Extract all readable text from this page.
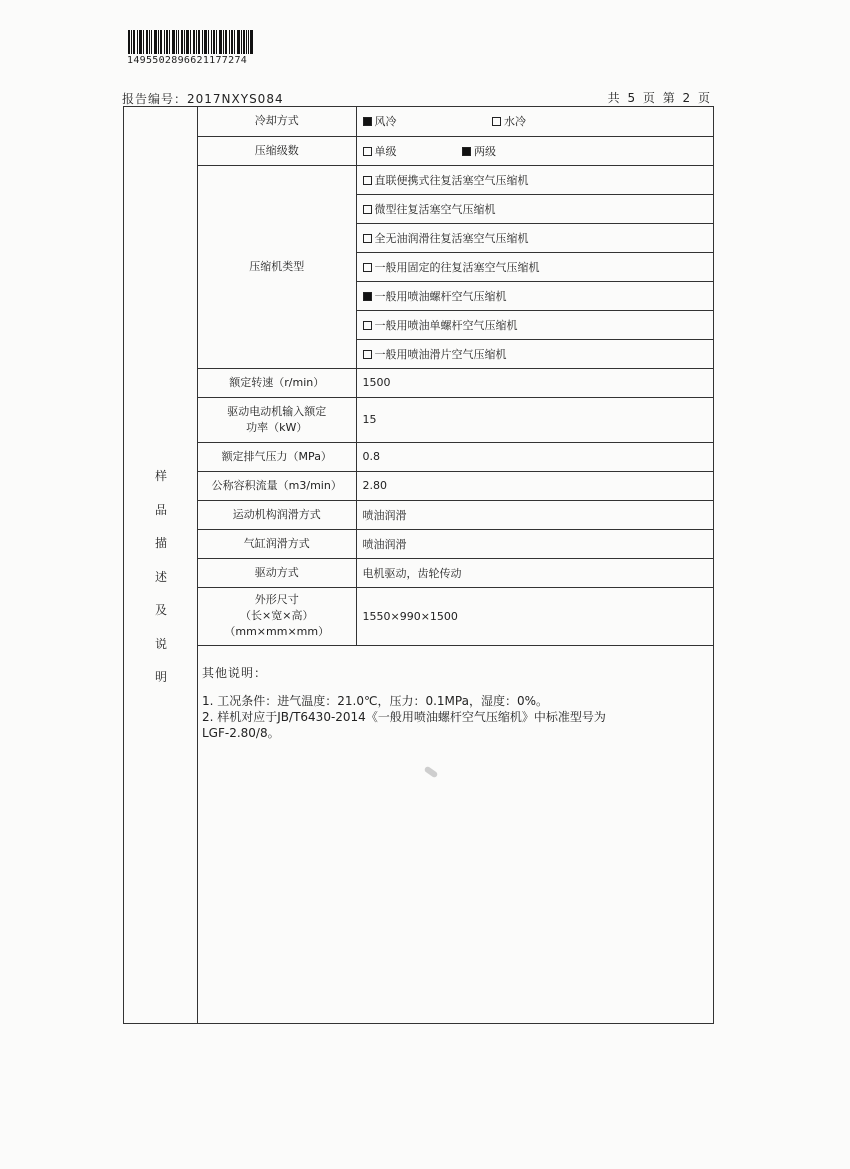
1495502896621177274
报告编号：2017NXYS084	共 5 页 第 2 页
样
品
描
述
及
说
明
冷却方式	风冷 水冷
压缩级数	单级 两级
压缩机类型	直联便携式往复活塞空气压缩机
	微型往复活塞空气压缩机
	全无油润滑往复活塞空气压缩机
	一般用固定的往复活塞空气压缩机
	一般用喷油螺杆空气压缩机
	一般用喷油单螺杆空气压缩机
	一般用喷油滑片空气压缩机
额定转速（r/min）	1500

驱动电动机输入额定
功率（kW）	15
额定排气压力（MPa）	0.8
公称容积流量（m3/min）	2.80
运动机构润滑方式	喷油润滑
气缸润滑方式	喷油润滑
驱动方式	电机驱动，齿轮传动

外形尺寸
（长×宽×高）
（mm×mm×mm）	1550×990×1500
其他说明：
1. 工况条件：进气温度：21.0℃，压力：0.1MPa，湿度：0%。
2. 样机对应于JB/T6430-2014《一般用喷油螺杆空气压缩机》中标准型号为
LGF-2.80/8。
